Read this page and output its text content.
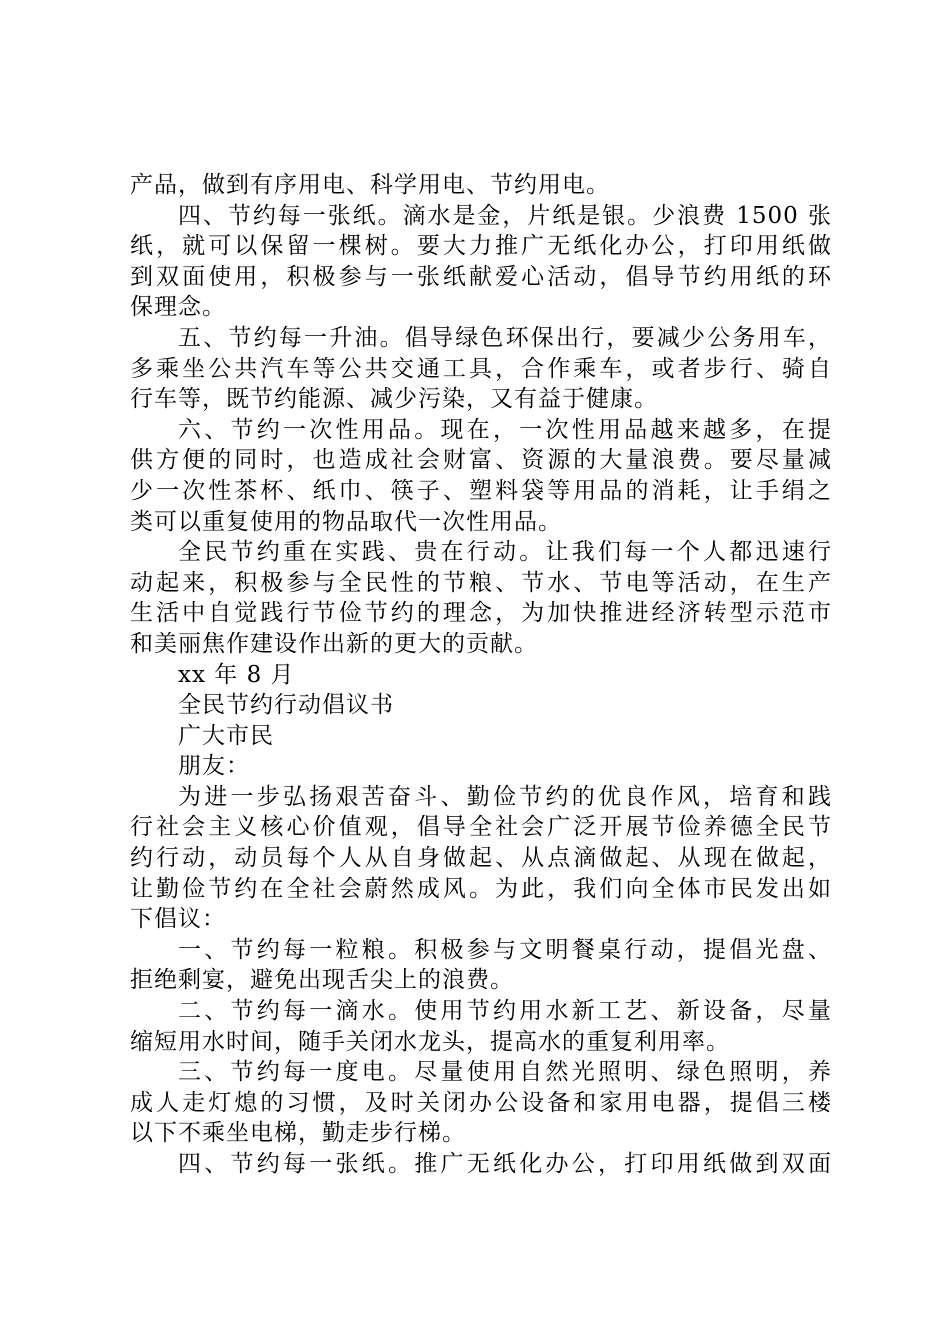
产品，做到有序用电、科学用电、节约用电。
四、节约每一张纸。滴水是金，片纸是银。少浪费 1500 张
纸，就可以保留一棵树。要大力推广无纸化办公，打印用纸做
到双面使用，积极参与一张纸献爱心活动，倡导节约用纸的环
保理念。
五、节约每一升油。倡导绿色环保出行，要减少公务用车，
多乘坐公共汽车等公共交通工具，合作乘车，或者步行、骑自
行车等，既节约能源、减少污染，又有益于健康。
六、节约一次性用品。现在，一次性用品越来越多，在提
供方便的同时，也造成社会财富、资源的大量浪费。要尽量减
少一次性茶杯、纸巾、筷子、塑料袋等用品的消耗，让手绢之
类可以重复使用的物品取代一次性用品。
全民节约重在实践、贵在行动。让我们每一个人都迅速行
动起来，积极参与全民性的节粮、节水、节电等活动，在生产
生活中自觉践行节俭节约的理念，为加快推进经济转型示范市
和美丽焦作建设作出新的更大的贡献。
xx 年 8 月
全民节约行动倡议书
广大市民
朋友：
为进一步弘扬艰苦奋斗、勤俭节约的优良作风，培育和践
行社会主义核心价值观，倡导全社会广泛开展节俭养德全民节
约行动，动员每个人从自身做起、从点滴做起、从现在做起，
让勤俭节约在全社会蔚然成风。为此，我们向全体市民发出如
下倡议：
一、节约每一粒粮。积极参与文明餐桌行动，提倡光盘、
拒绝剩宴，避免出现舌尖上的浪费。
二、节约每一滴水。使用节约用水新工艺、新设备，尽量
缩短用水时间，随手关闭水龙头，提高水的重复利用率。
三、节约每一度电。尽量使用自然光照明、绿色照明，养
成人走灯熄的习惯，及时关闭办公设备和家用电器，提倡三楼
以下不乘坐电梯，勤走步行梯。
四、节约每一张纸。推广无纸化办公，打印用纸做到双面
